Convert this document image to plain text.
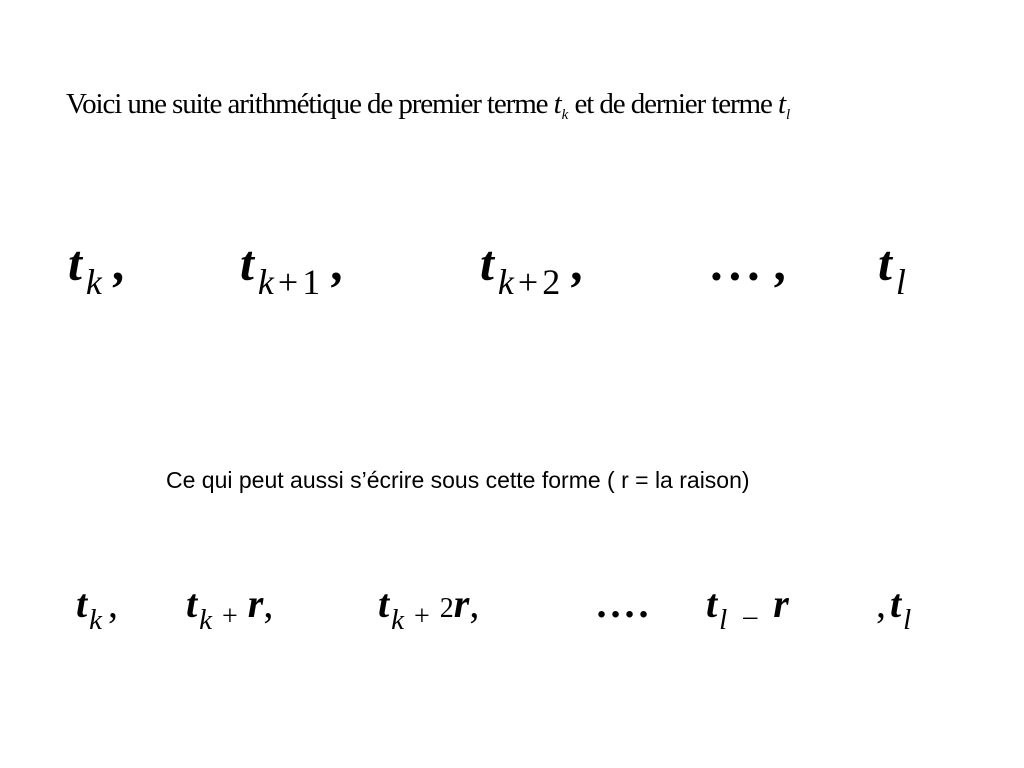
Voici une suite arithmétique de premier terme $t_k$ et de dernier terme $t_l$
t $_k$ , t $_{k+1}$ ,	t $_{k+2}$ ,	... , t $_l$
Ce qui peut aussi s’écrire sous cette forme ( r = la raison)
$t_k$ , $t_k$ $_+$ r,	$t_k$ $_+$ 2r,	.... $t_l$ $_-$ r , $t_l$
